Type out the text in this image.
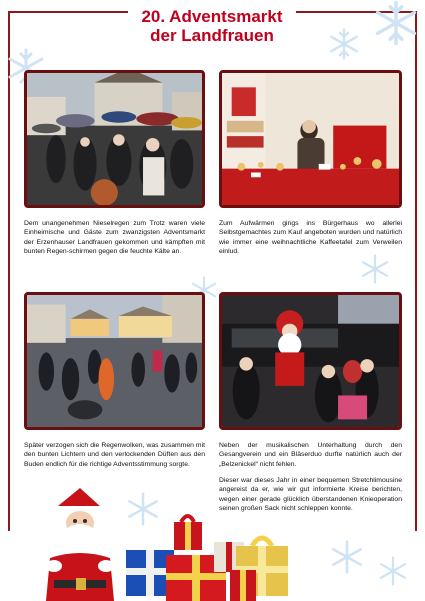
20. Adventsmarkt
der Landfrauen
Dem unangenehmen Nieselregen zum Trotz waren viele Einheimische und Gäste zum zwanzigsten Adventsmarkt der Erzenhauser Landfrauen gekommen und kämpften mit bunten Regen-schirmen gegen die feuchte Kälte an.
Zum Aufwärmen gings ins Bürgerhaus wo allerlei Selbstgemachtes zum Kauf angeboten wurden und natürlich wie immer eine weihnachtliche Kaffeetafel zum Verweilen einlud.
Später verzogen sich die Regenwolken, was zusammen mit den bunten Lichtern und den verlockenden Düften aus den Buden endlich für die richtige Adventsstimmung sorgte.
Neben der musikalischen Unterhaltung durch den Gesangverein und ein Bläserduo durfte natürlich auch der „Belzenickel“ nicht fehlen.
Dieser war dieses Jahr in einer bequemen Stretchlimousine angereist da er, wie wir gut informierte Kreise berichten, wegen einer gerade glücklich überstandenen Knieoperation seinen großen Sack nicht schleppen konnte.
